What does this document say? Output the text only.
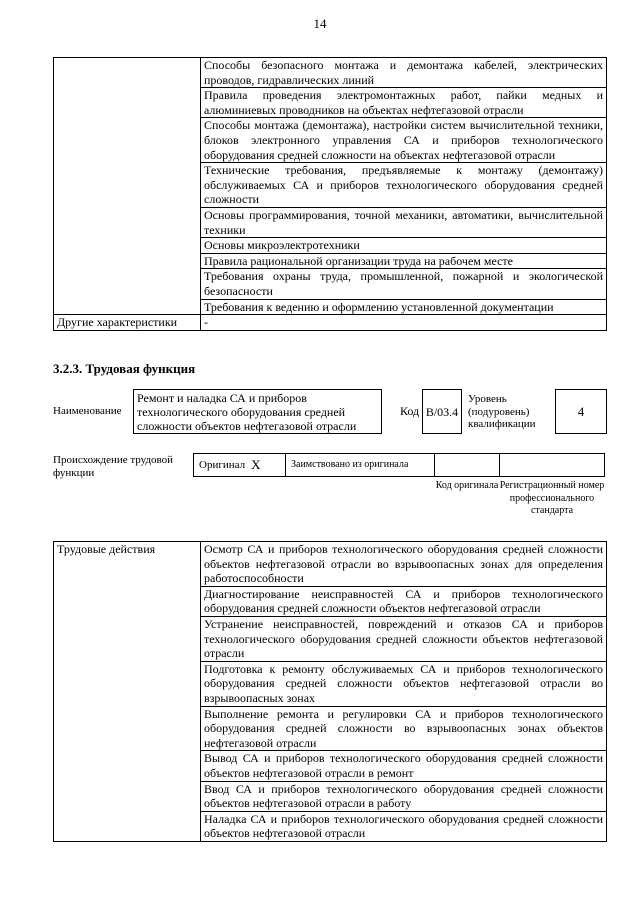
14
	Способы безопасного монтажа и демонтажа кабелей, электрических проводов, гидравлических линий
	Правила проведения электромонтажных работ, пайки медных и алюминиевых проводников на объектах нефтегазовой отрасли
	Способы монтажа (демонтажа), настройки систем вычислительной техники, блоков электронного управления СА и приборов технологического оборудования средней сложности на объектах нефтегазовой отрасли
	Технические требования, предъявляемые к монтажу (демонтажу) обслуживаемых СА и приборов технологического оборудования средней сложности
	Основы программирования, точной механики, автоматики, вычислительной техники
	Основы микроэлектротехники
	Правила рациональной организации труда на рабочем месте
	Требования охраны труда, промышленной, пожарной и экологической безопасности
	Требования к ведению и оформлению установленной документации
Другие характеристики	-
3.2.3. Трудовая функция
Наименование
Ремонт и наладка СА и приборов технологического оборудования средней сложности объектов нефтегазовой отрасли
Код B/03.4
Уровень (подуровень) квалификации
4
Происхождение трудовой функции
Оригинал X	Заимствовано из оригинала
Код оригинала Регистрационный номер профессионального стандарта
Трудовые действия	Осмотр СА и приборов технологического оборудования средней сложности объектов нефтегазовой отрасли во взрывоопасных зонах для определения работоспособности
Диагностирование неисправностей СА и приборов технологического оборудования средней сложности объектов нефтегазовой отрасли
Устранение неисправностей, повреждений и отказов СА и приборов технологического оборудования средней сложности объектов нефтегазовой отрасли
Подготовка к ремонту обслуживаемых СА и приборов технологического оборудования средней сложности объектов нефтегазовой отрасли во взрывоопасных зонах
Выполнение ремонта и регулировки СА и приборов технологического оборудования средней сложности во взрывоопасных зонах объектов нефтегазовой отрасли
Вывод СА и приборов технологического оборудования средней сложности объектов нефтегазовой отрасли в ремонт
Ввод СА и приборов технологического оборудования средней сложности объектов нефтегазовой отрасли в работу
Наладка СА и приборов технологического оборудования средней сложности объектов нефтегазовой отрасли
